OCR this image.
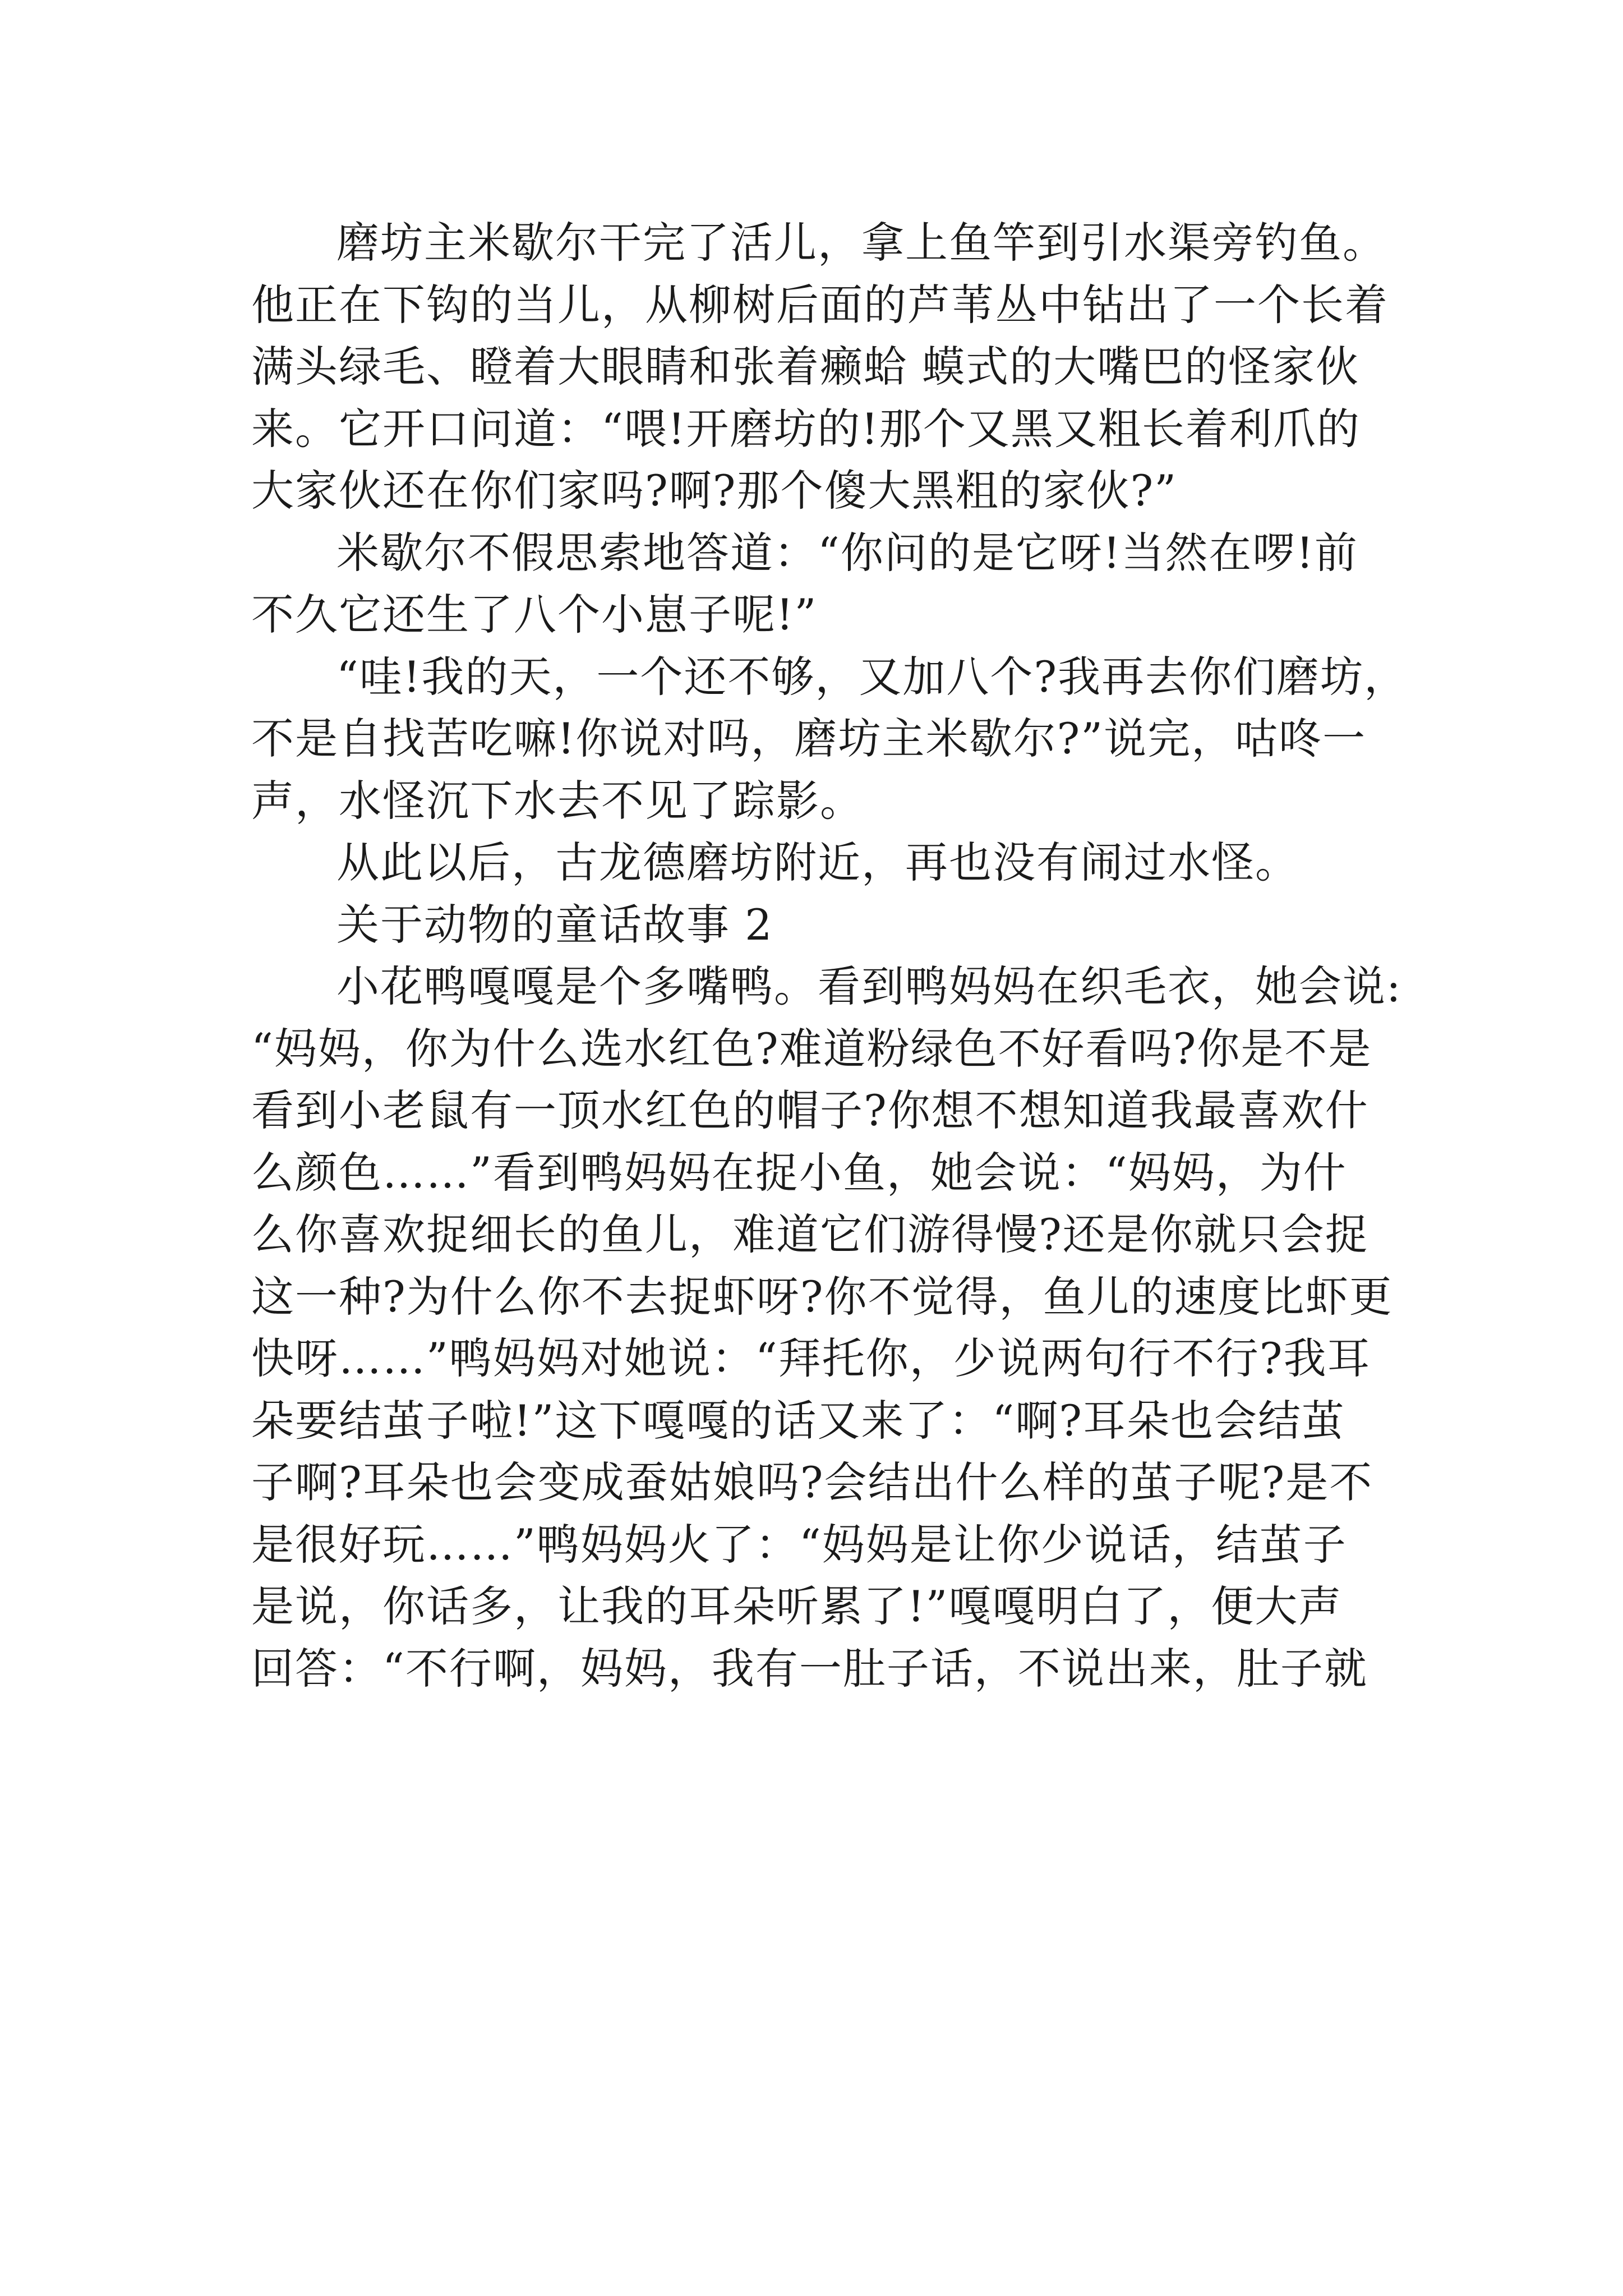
磨坊主米歇尔干完了活儿，拿上鱼竿到引水渠旁钓鱼。
他正在下钩的当儿，从柳树后面的芦苇丛中钻出了一个长着
满头绿毛、瞪着大眼睛和张着癞蛤 蟆式的大嘴巴的怪家伙
来。它开口问道：“喂!开磨坊的!那个又黑又粗长着利爪的
大家伙还在你们家吗?啊?那个傻大黑粗的家伙?”

米歇尔不假思索地答道：“你问的是它呀!当然在啰!前
不久它还生了八个小崽子呢!”

“哇!我的天，一个还不够，又加八个?我再去你们磨坊，
不是自找苦吃嘛!你说对吗，磨坊主米歇尔?”说完，咕咚一
声，水怪沉下水去不见了踪影。

从此以后，古龙德磨坊附近，再也没有闹过水怪。

关于动物的童话故事 2

小花鸭嘎嘎是个多嘴鸭。看到鸭妈妈在织毛衣，她会说:
“妈妈，你为什么选水红色?难道粉绿色不好看吗?你是不是
看到小老鼠有一顶水红色的帽子?你想不想知道我最喜欢什
么颜色……”看到鸭妈妈在捉小鱼，她会说：“妈妈，为什
么你喜欢捉细长的鱼儿，难道它们游得慢?还是你就只会捉
这一种?为什么你不去捉虾呀?你不觉得，鱼儿的速度比虾更
快呀……”鸭妈妈对她说：“拜托你，少说两句行不行?我耳
朵要结茧子啦!”这下嘎嘎的话又来了：“啊?耳朵也会结茧
子啊?耳朵也会变成蚕姑娘吗?会结出什么样的茧子呢?是不
是很好玩……”鸭妈妈火了：“妈妈是让你少说话，结茧子
是说，你话多，让我的耳朵听累了!”嘎嘎明白了，便大声
回答：“不行啊，妈妈，我有一肚子话，不说出来，肚子就
